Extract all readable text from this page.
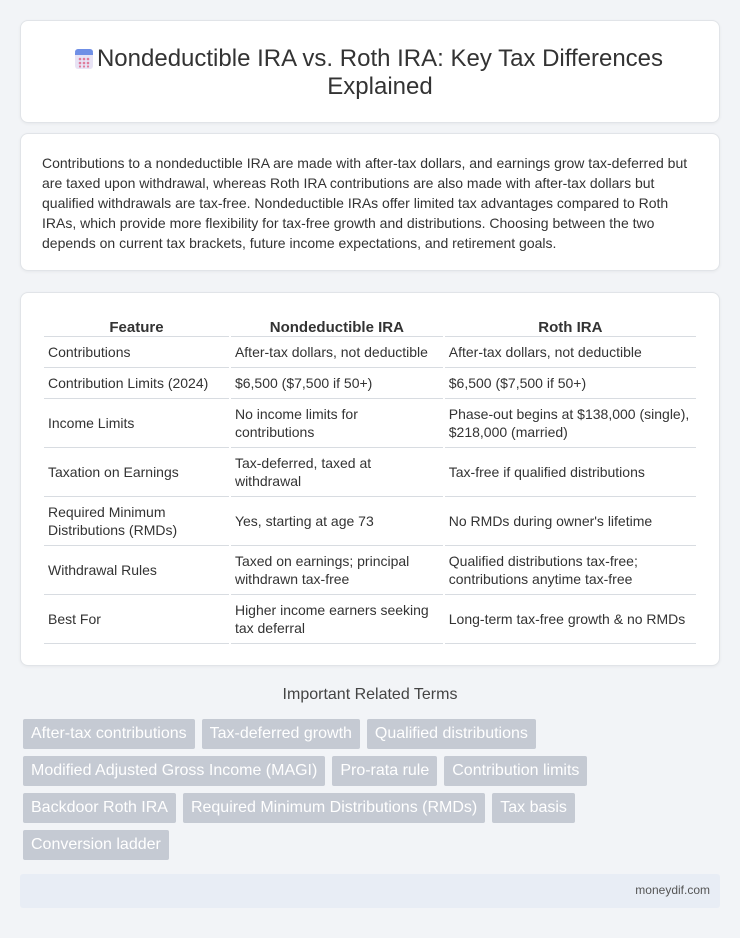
Nondeductible IRA vs. Roth IRA: Key Tax Differences Explained

Contributions to a nondeductible IRA are made with after-tax dollars, and earnings grow tax-deferred but are taxed upon withdrawal, whereas Roth IRA contributions are also made with after-tax dollars but qualified withdrawals are tax-free. Nondeductible IRAs offer limited tax advantages compared to Roth IRAs, which provide more flexibility for tax-free growth and distributions. Choosing between the two depends on current tax brackets, future income expectations, and retirement goals.

Feature	Nondeductible IRA	Roth IRA
Contributions	After-tax dollars, not deductible	After-tax dollars, not deductible
Contribution Limits (2024)	$6,500 ($7,500 if 50+)	$6,500 ($7,500 if 50+)
Income Limits	No income limits for contributions	Phase-out begins at $138,000 (single), $218,000 (married)
Taxation on Earnings	Tax-deferred, taxed at withdrawal	Tax-free if qualified distributions
Required Minimum Distributions (RMDs)	Yes, starting at age 73	No RMDs during owner's lifetime
Withdrawal Rules	Taxed on earnings; principal withdrawn tax-free	Qualified distributions tax-free; contributions anytime tax-free
Best For	Higher income earners seeking tax deferral	Long-term tax-free growth & no RMDs
Important Related Terms
After-tax contributions	Tax-deferred growth	Qualified distributions
Modified Adjusted Gross Income (MAGI)	Pro-rata rule	Contribution limits
Backdoor Roth IRA	Required Minimum Distributions (RMDs)	Tax basis
Conversion ladder
moneydif.com
